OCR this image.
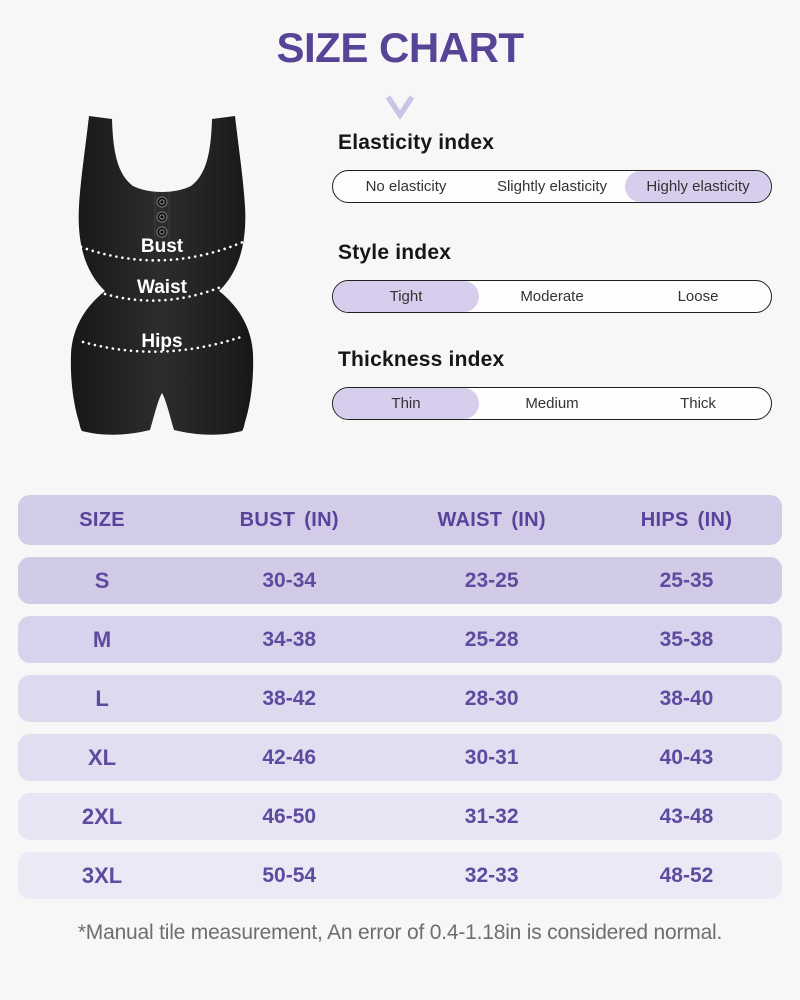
SIZE CHART
Bust
Waist
Hips
Elasticity index
No elasticity	Slightly elasticity	Highly elasticity
Style index
Tight	Moderate	Loose
Thickness index
Thin	Medium	Thick
SIZE	BUST (IN)	WAIST (IN)	HIPS (IN)
S	30-34	23-25	25-35
M	34-38	25-28	35-38
L	38-42	28-30	38-40
XL	42-46	30-31	40-43
2XL	46-50	31-32	43-48
3XL	50-54	32-33	48-52
*Manual tile measurement, An error of 0.4-1.18in is considered normal.
